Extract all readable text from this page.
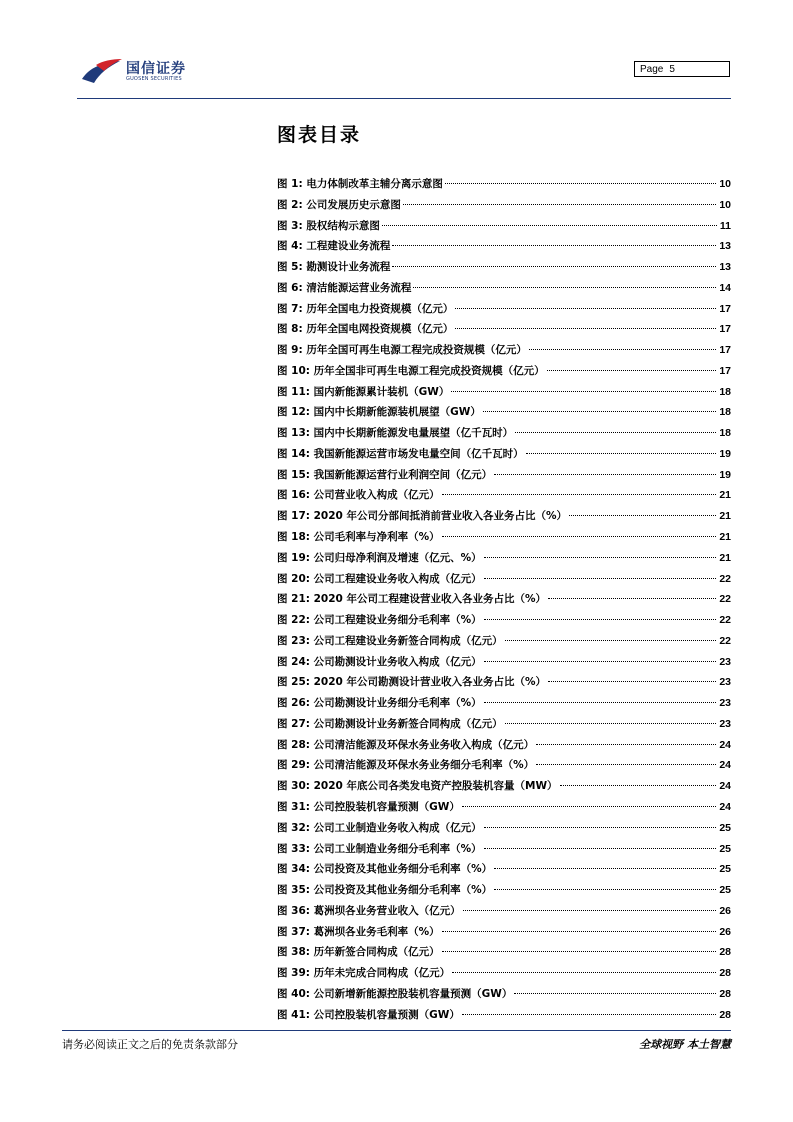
国信证券
GUOSEN SECURITIES
Page 5
图表目录
图 1: 电力体制改革主辅分离示意图	10
图 2: 公司发展历史示意图	10
图 3: 股权结构示意图	11
图 4: 工程建设业务流程	13
图 5: 勘测设计业务流程	13
图 6: 清洁能源运营业务流程	14
图 7: 历年全国电力投资规模（亿元）	17
图 8: 历年全国电网投资规模（亿元）	17
图 9: 历年全国可再生电源工程完成投资规模（亿元）	17
图 10: 历年全国非可再生电源工程完成投资规模（亿元）	17
图 11: 国内新能源累计装机（GW）	18
图 12: 国内中长期新能源装机展望（GW）	18
图 13: 国内中长期新能源发电量展望（亿千瓦时）	18
图 14: 我国新能源运营市场发电量空间（亿千瓦时）	19
图 15: 我国新能源运营行业利润空间（亿元）	19
图 16: 公司营业收入构成（亿元）	21
图 17: 2020 年公司分部间抵消前营业收入各业务占比（%）	21
图 18: 公司毛利率与净利率（%）	21
图 19: 公司归母净利润及增速（亿元、%）	21
图 20: 公司工程建设业务收入构成（亿元）	22
图 21: 2020 年公司工程建设营业收入各业务占比（%）	22
图 22: 公司工程建设业务细分毛利率（%）	22
图 23: 公司工程建设业务新签合同构成（亿元）	22
图 24: 公司勘测设计业务收入构成（亿元）	23
图 25: 2020 年公司勘测设计营业收入各业务占比（%）	23
图 26: 公司勘测设计业务细分毛利率（%）	23
图 27: 公司勘测设计业务新签合同构成（亿元）	23
图 28: 公司清洁能源及环保水务业务收入构成（亿元）	24
图 29: 公司清洁能源及环保水务业务细分毛利率（%）	24
图 30: 2020 年底公司各类发电资产控股装机容量（MW）	24
图 31: 公司控股装机容量预测（GW）	24
图 32: 公司工业制造业务收入构成（亿元）	25
图 33: 公司工业制造业务细分毛利率（%）	25
图 34: 公司投资及其他业务细分毛利率（%）	25
图 35: 公司投资及其他业务细分毛利率（%）	25
图 36: 葛洲坝各业务营业收入（亿元）	26
图 37: 葛洲坝各业务毛利率（%）	26
图 38: 历年新签合同构成（亿元）	28
图 39: 历年未完成合同构成（亿元）	28
图 40: 公司新增新能源控股装机容量预测（GW）	28
图 41: 公司控股装机容量预测（GW）	28
请务必阅读正文之后的免责条款部分	全球视野 本土智慧
